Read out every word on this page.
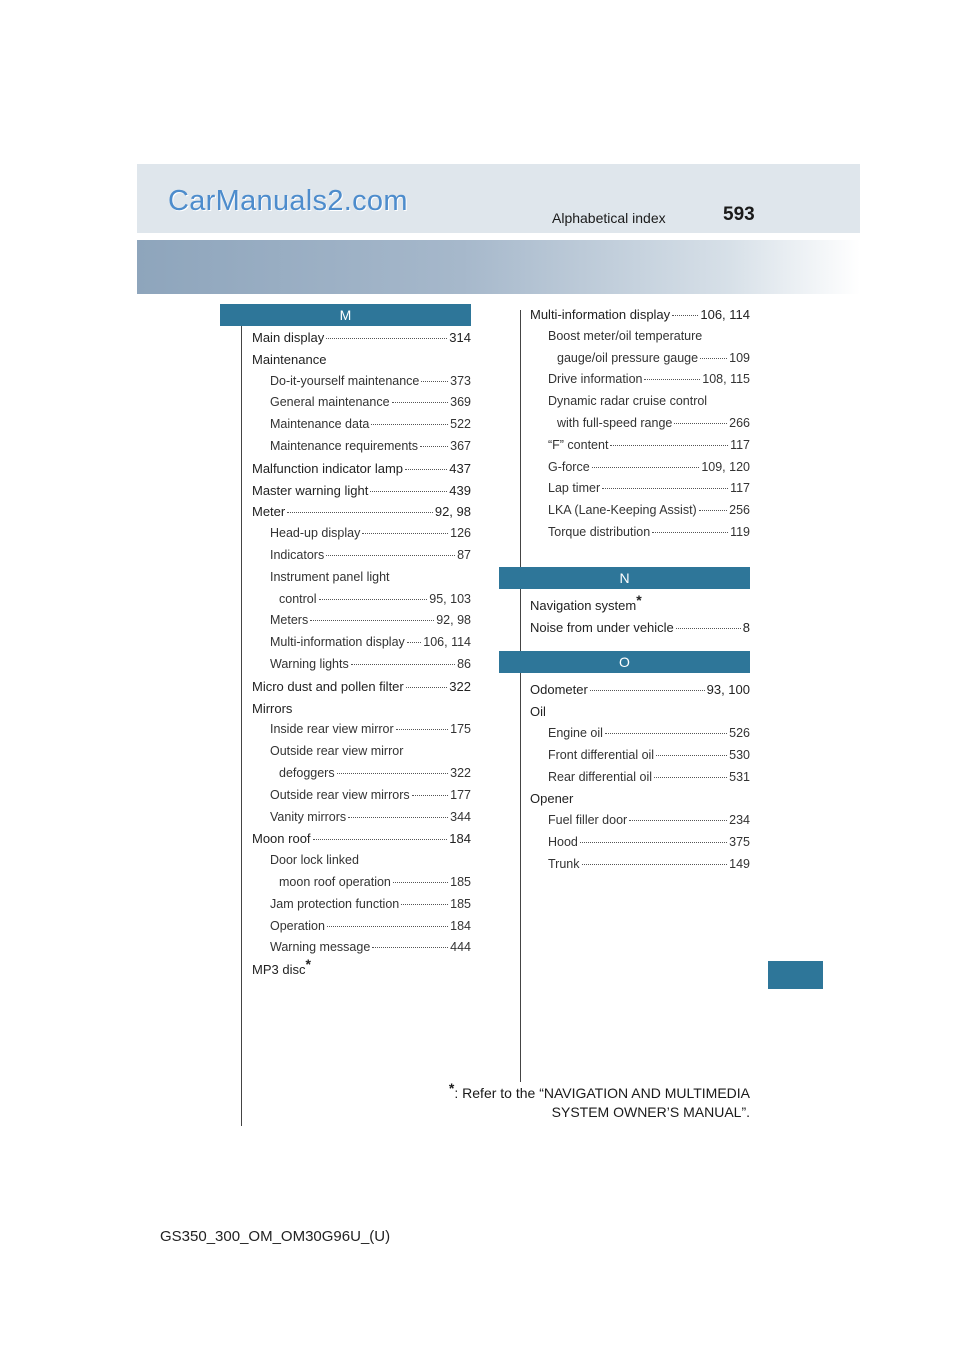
CarManuals2.com
Alphabetical index	593
M
Main display	314
Maintenance
Do-it-yourself maintenance 373
General maintenance	369
Maintenance data	522
Maintenance requirements	367
Malfunction indicator lamp	437
Master warning light	439
Meter	92, 98
Head-up display	126
Indicators	87
Instrument panel light
control	95, 103
Meters	92, 98
Multi-information display 106, 114
Warning lights	86
Micro dust and pollen filter	322
Mirrors
Inside rear view mirror	175
Outside rear view mirror
defoggers	322
Outside rear view mirrors	177
Vanity mirrors	344
Moon roof	184
Door lock linked
moon roof operation	185
Jam protection function	185
Operation	184
Warning message	444
MP3 disc *
Multi-information display 106, 114
Boost meter/oil temperature
gauge/oil pressure gauge 109
Drive information	108, 115
Dynamic radar cruise control
with full-speed range	266
“F” content	117
G-force	109, 120
Lap timer	117
LKA (Lane-Keeping Assist)	256
Torque distribution	119
N
Navigation system *
Noise from under vehicle	8
O
Odometer	93, 100
Oil
Engine oil	526
Front differential oil	530
Rear differential oil	531
Opener
Fuel filler door	234
Hood	375
Trunk	149
*: Refer to the “NAVIGATION AND MULTIMEDIA
SYSTEM OWNER’S MANUAL”.
GS350_300_OM_OM30G96U_(U)
